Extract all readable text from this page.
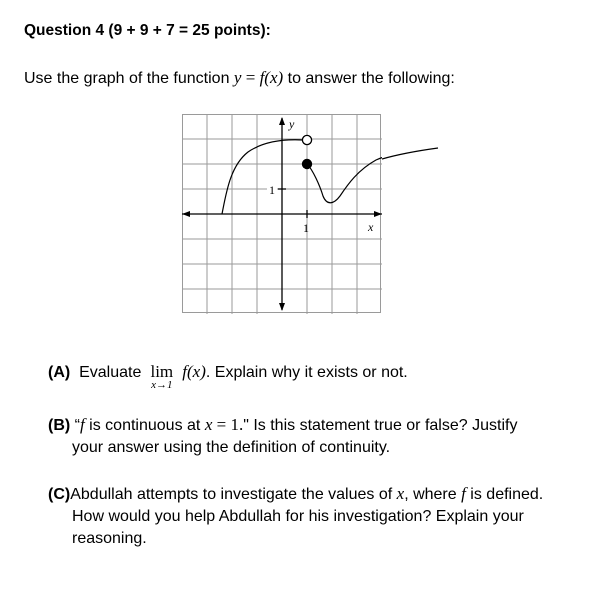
Question 4 (9 + 9 + 7 = 25 points):
Use the graph of the function y = f(x) to answer the following:
y
x
1
1
(A) Evaluate lim
x→1
f(x). Explain why it exists or not.
(B) “f is continuous at x = 1." Is this statement true or false? Justify
your answer using the definition of continuity.
(C)Abdullah attempts to investigate the values of x, where f is defined.
How would you help Abdullah for his investigation? Explain your
reasoning.
